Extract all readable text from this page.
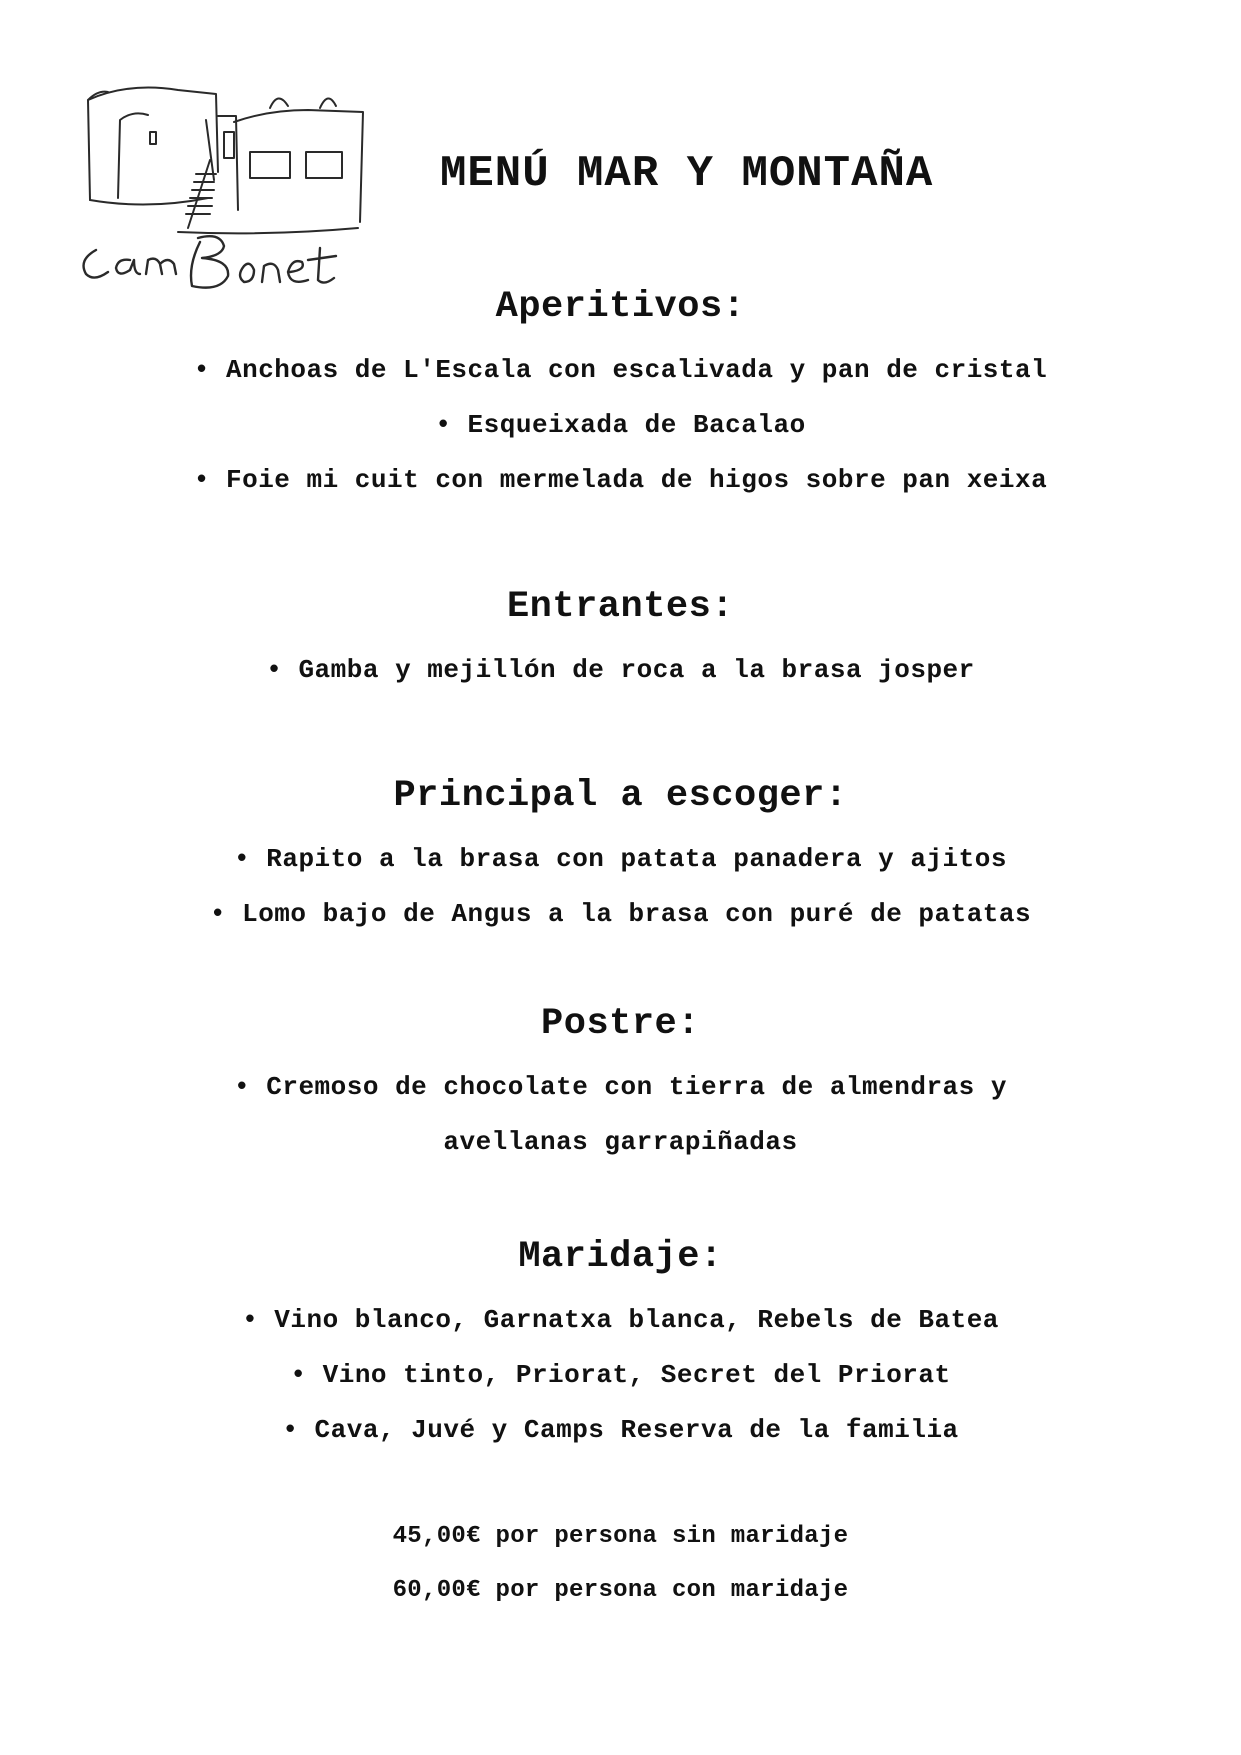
MENÚ MAR Y MONTAÑA
Aperitivos:
• Anchoas de L'Escala con escalivada y pan de cristal
• Esqueixada de Bacalao
• Foie mi cuit con mermelada de higos sobre pan xeixa
Entrantes:
• Gamba y mejillón de roca a la brasa josper
Principal a escoger:
• Rapito a la brasa con patata panadera y ajitos
• Lomo bajo de Angus a la brasa con puré de patatas
Postre:
• Cremoso de chocolate con tierra de almendras y avellanas garrapiñadas
Maridaje:
• Vino blanco, Garnatxa blanca, Rebels de Batea
• Vino tinto, Priorat, Secret del Priorat
• Cava, Juvé y Camps Reserva de la familia
45,00€ por persona sin maridaje
60,00€ por persona con maridaje
